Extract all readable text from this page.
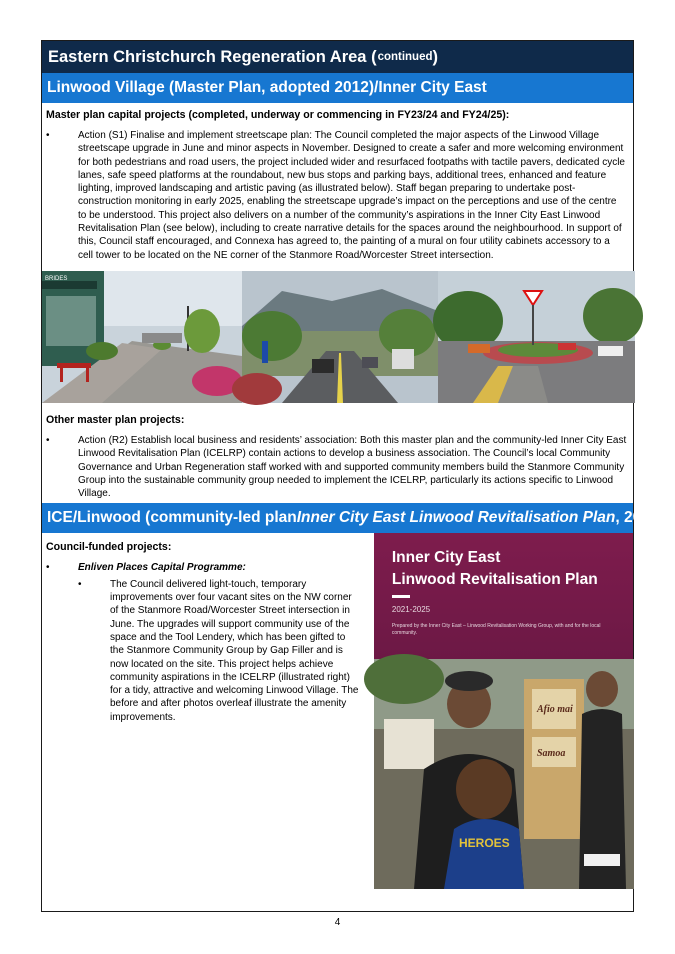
Eastern Christchurch Regeneration Area ( continued )
Linwood Village (Master Plan, adopted 2012)/Inner City East
Master plan capital projects (completed, underway or commencing in FY23/24 and FY24/25):
•	Action (S1) Finalise and implement streetscape plan: The Council completed the major aspects of the Linwood Village streetscape upgrade in June and minor aspects in November. Designed to create a safer and more welcoming environment for both pedestrians and road users, the project included wider and resurfaced footpaths with tactile pavers, dedicated cycle lanes, safe speed platforms at the roundabout, new bus stops and parking bays, additional trees, enhanced and feature lighting, improved landscaping and artistic paving (as illustrated below). Staff began preparing to undertake post-construction monitoring in early 2025, enabling the streetscape upgrade’s impact on the perceptions and use of the centre to be understood. This project also delivers on a number of the community’s aspirations in the Inner City East Linwood Revitalisation Plan (see below), including to create narrative details for the spaces around the neighbourhood. In support of this, Council staff encouraged, and Connexa has agreed to, the painting of a mural on four utility cabinets accessory to a cell tower to be located on the NE corner of the Stanmore Road/Worcester Street intersection.
BRIDES
Other master plan projects:
•	Action (R2) Establish local business and residents’ association: Both this master plan and the community-led Inner City East Linwood Revitalisation Plan (ICELRP) contain actions to develop a business association. The Council’s local Community Governance and Urban Regeneration staff worked with and supported community members build the Stanmore Community Group into the sustainable community group needed to implement the ICELRP, particularly its actions specific to Linwood Village.
ICE/Linwood (community-led plan Inner City East Linwood Revitalisation Plan , 2021)
Council-funded projects:
•	Enliven Places Capital Programme:
•	The Council delivered light-touch, temporary improvements over four vacant sites on the NW corner of the Stanmore Road/Worcester Street intersection in June. The upgrades will support community use of the space and the Tool Lendery, which has been gifted to the Stanmore Community Group by Gap Filler and is now located on the site. This project helps achieve community aspirations in the ICELRP (illustrated right) for a tidy, attractive and welcoming Linwood Village. The before and after photos overleaf illustrate the amenity improvements.
Inner City East
Linwood Revitalisation Plan
2021-2025
Prepared by the Inner City East – Linwood Revitalisation Working Group, with and for the local community.
Afio mai
Samoa
HEROES
4
